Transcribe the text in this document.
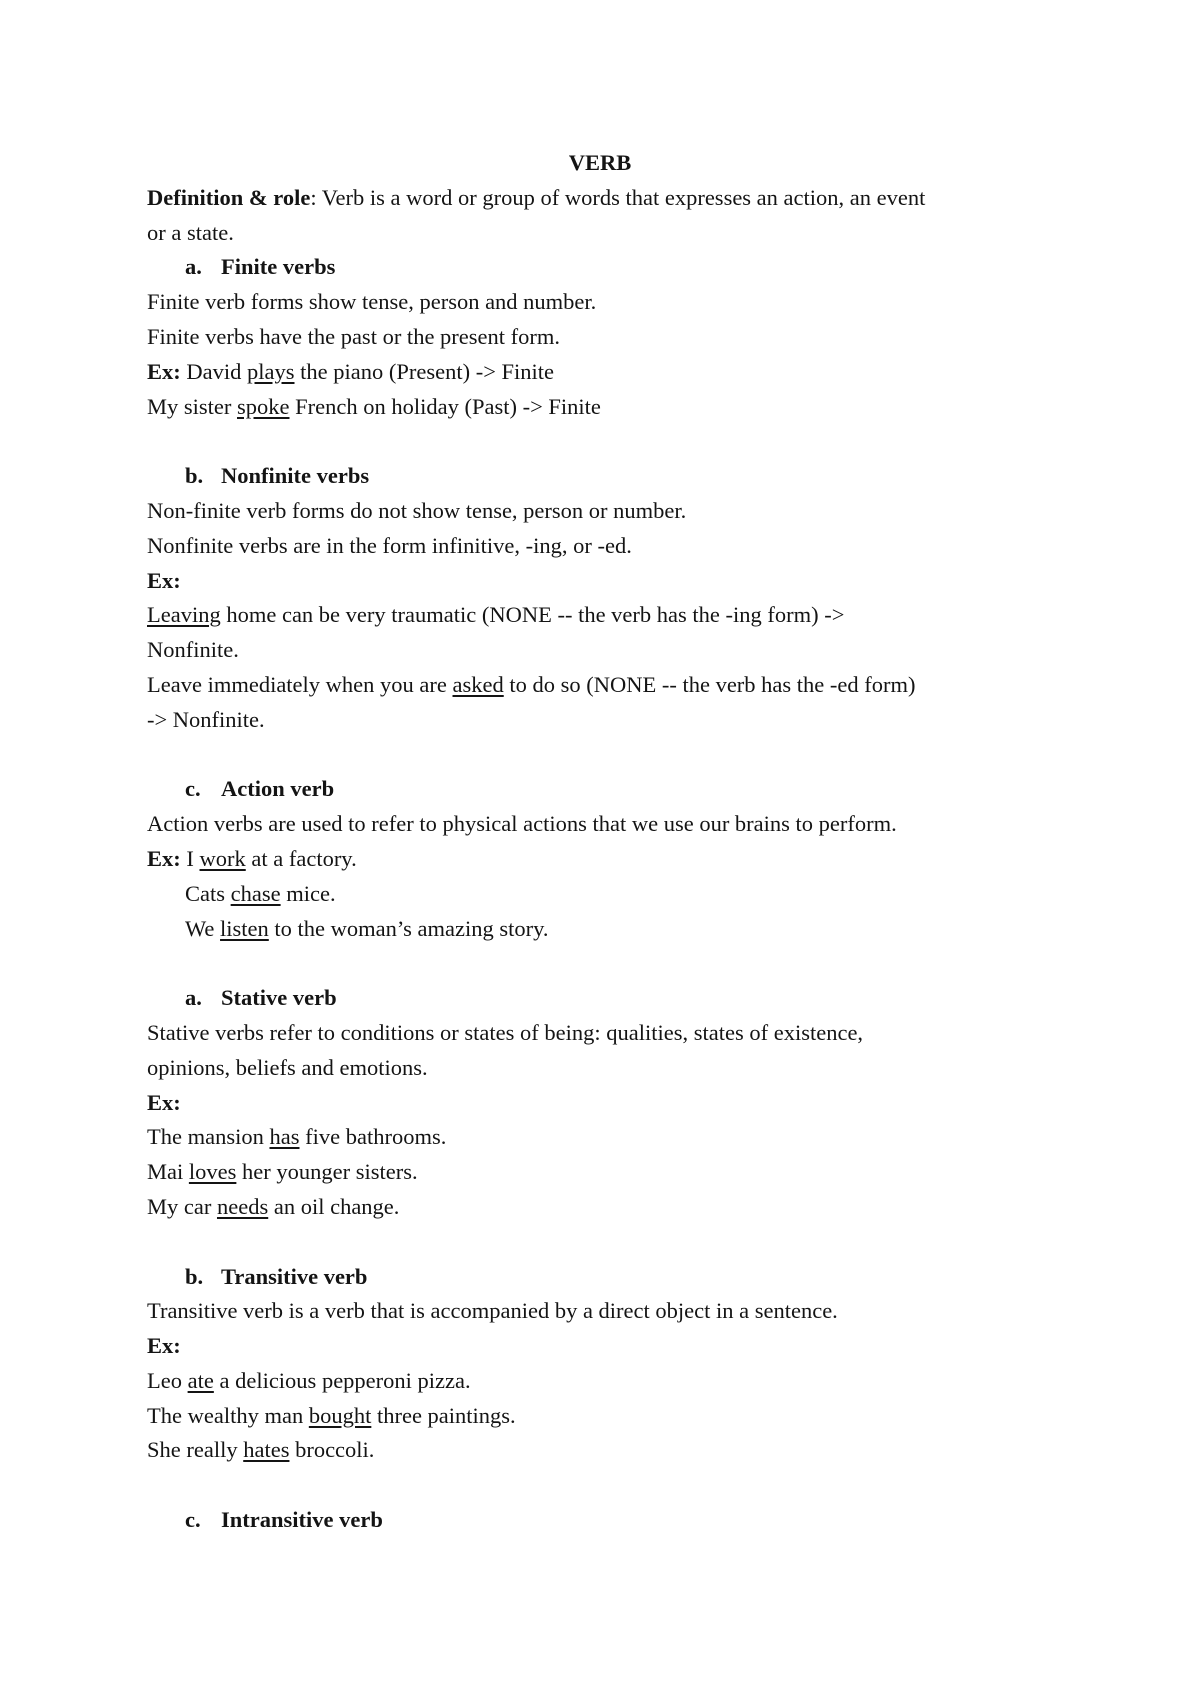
VERB
Definition & role: Verb is a word or group of words that expresses an action, an event
or a state.
a. Finite verbs
Finite verb forms show tense, person and number.
Finite verbs have the past or the present form.
Ex: David plays the piano (Present) -> Finite
My sister spoke French on holiday (Past) -> Finite
b. Nonfinite verbs
Non-finite verb forms do not show tense, person or number.
Nonfinite verbs are in the form infinitive, -ing, or -ed.
Ex:
Leaving home can be very traumatic (NONE -- the verb has the -ing form) ->
Nonfinite.
Leave immediately when you are asked to do so (NONE -- the verb has the -ed form)
-> Nonfinite.
c. Action verb
Action verbs are used to refer to physical actions that we use our brains to perform.
Ex: I work at a factory.
Cats chase mice.
We listen to the woman’s amazing story.
a. Stative verb
Stative verbs refer to conditions or states of being: qualities, states of existence,
opinions, beliefs and emotions.
Ex:
The mansion has five bathrooms.
Mai loves her younger sisters.
My car needs an oil change.
b. Transitive verb
Transitive verb is a verb that is accompanied by a direct object in a sentence.
Ex:
Leo ate a delicious pepperoni pizza.
The wealthy man bought three paintings.
She really hates broccoli.
c. Intransitive verb
